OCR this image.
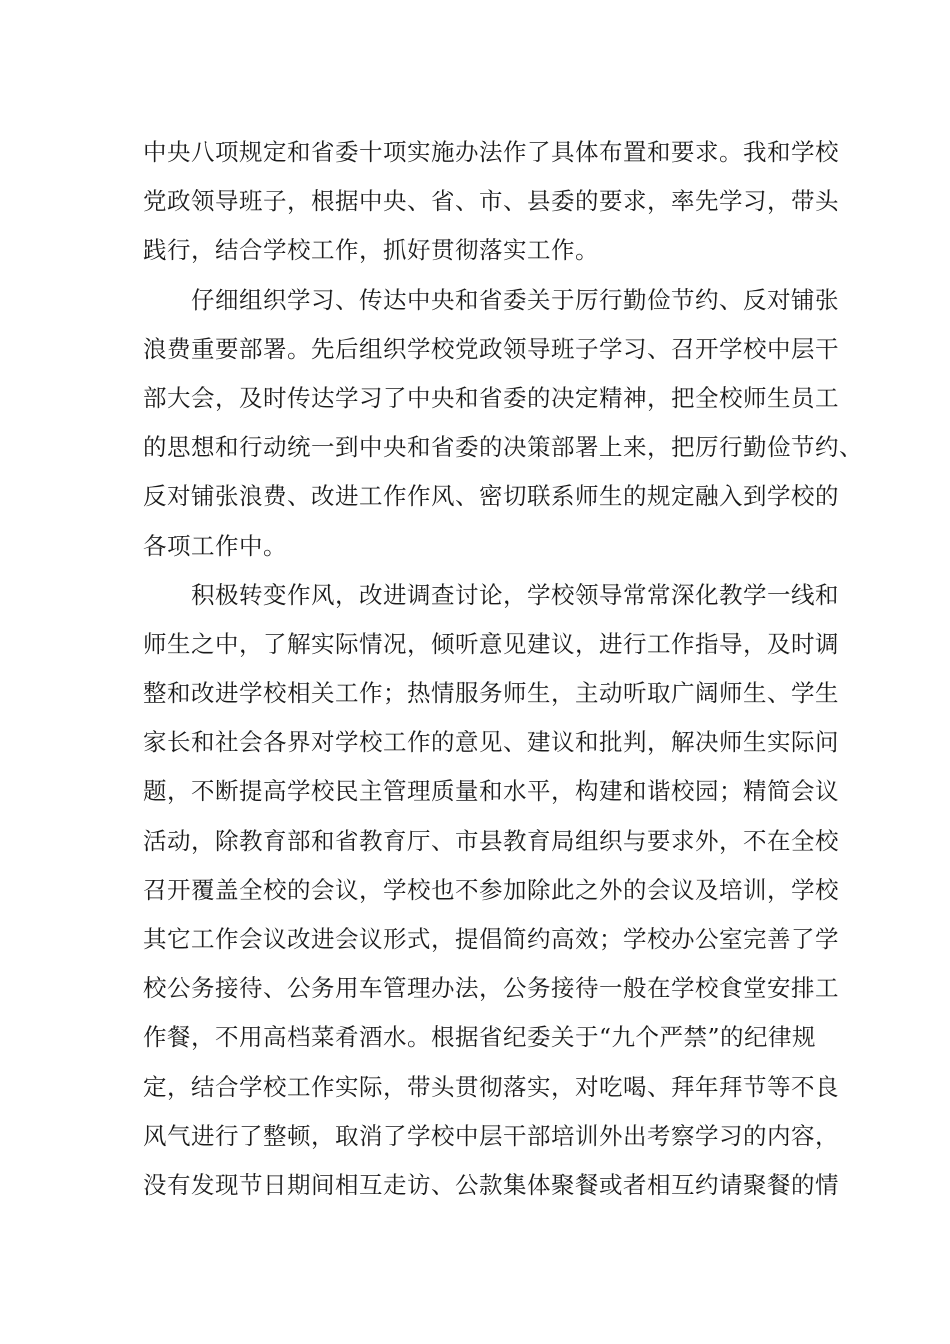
中央八项规定和省委十项实施办法作了具体布置和要求。我和学校
党政领导班子，根据中央、省、市、县委的要求，率先学习，带头
践行，结合学校工作，抓好贯彻落实工作。
仔细组织学习、传达中央和省委关于厉行勤俭节约、反对铺张
浪费重要部署。先后组织学校党政领导班子学习、召开学校中层干
部大会，及时传达学习了中央和省委的决定精神，把全校师生员工
的思想和行动统一到中央和省委的决策部署上来，把厉行勤俭节约、
反对铺张浪费、改进工作作风、密切联系师生的规定融入到学校的
各项工作中。
积极转变作风，改进调查讨论，学校领导常常深化教学一线和
师生之中，了解实际情况，倾听意见建议，进行工作指导，及时调
整和改进学校相关工作；热情服务师生，主动听取广阔师生、学生
家长和社会各界对学校工作的意见、建议和批判，解决师生实际问
题，不断提高学校民主管理质量和水平，构建和谐校园；精简会议
活动，除教育部和省教育厅、市县教育局组织与要求外，不在全校
召开覆盖全校的会议，学校也不参加除此之外的会议及培训，学校
其它工作会议改进会议形式，提倡简约高效；学校办公室完善了学
校公务接待、公务用车管理办法，公务接待一般在学校食堂安排工
作餐，不用高档菜肴酒水。根据省纪委关于“九个严禁”的纪律规
定，结合学校工作实际，带头贯彻落实，对吃喝、拜年拜节等不良
风气进行了整顿，取消了学校中层干部培训外出考察学习的内容，
没有发现节日期间相互走访、公款集体聚餐或者相互约请聚餐的情
